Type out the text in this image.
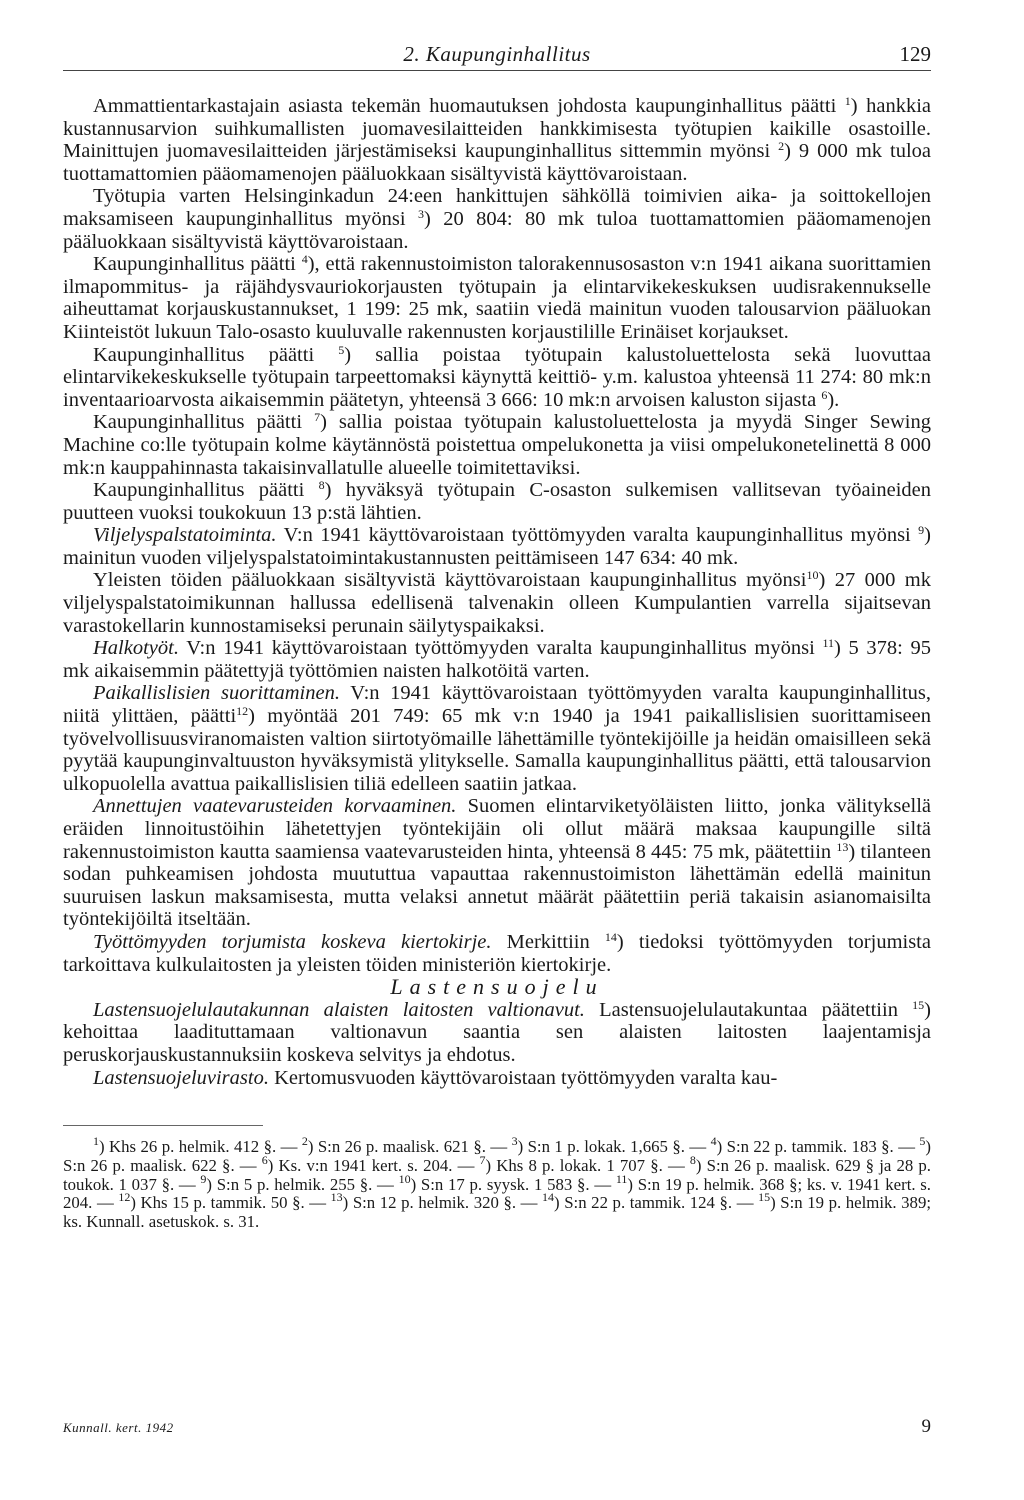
2. Kaupunginhallitus	129

Ammattientarkastajain asiasta tekemän huomautuksen johdosta kaupunginhallitus päätti $^1$) hankkia kustannusarvion suihkumallisten juomavesilaitteiden hankkimisesta työtupien kaikille osastoille. Mainittujen juomavesilaitteiden järjestämiseksi kaupunginhallitus sittemmin myönsi $^2$) 9 000 mk tuloa tuottamattomien pääomamenojen pääluokkaan sisältyvistä käyttövaroistaan.

Työtupia varten Helsinginkadun 24:een hankittujen sähköllä toimivien aika- ja soittokellojen maksamiseen kaupunginhallitus myönsi $^3$) 20 804: 80 mk tuloa tuottamattomien pääomamenojen pääluokkaan sisältyvistä käyttövaroistaan.

Kaupunginhallitus päätti $^4$), että rakennustoimiston talorakennusosaston v:n 1941 aikana suorittamien ilmapommitus- ja räjähdysvauriokorjausten työtupain ja elintarvikekeskuksen uudisrakennukselle aiheuttamat korjauskustannukset, 1 199: 25 mk, saatiin viedä mainitun vuoden talousarvion pääluokan Kiinteistöt lukuun Talo-osasto kuuluvalle rakennusten korjaustilille Erinäiset korjaukset.

Kaupunginhallitus päätti $^5$) sallia poistaa työtupain kalustoluettelosta sekä luovuttaa elintarvikekeskukselle työtupain tarpeettomaksi käynyttä keittiö- y.m. kalustoa yhteensä 11 274: 80 mk:n inventaarioarvosta aikaisemmin päätetyn, yhteensä 3 666: 10 mk:n arvoisen kaluston sijasta $^6$).

Kaupunginhallitus päätti $^7$) sallia poistaa työtupain kalustoluettelosta ja myydä Singer Sewing Machine co:lle työtupain kolme käytännöstä poistettua ompelukonetta ja viisi ompelukonetelinettä 8 000 mk:n kauppahinnasta takaisinvallatulle alueelle toimitettaviksi.

Kaupunginhallitus päätti $^8$) hyväksyä työtupain C-osaston sulkemisen vallitsevan työaineiden puutteen vuoksi toukokuun 13 p:stä lähtien.

Viljelyspalstatoiminta. V:n 1941 käyttövaroistaan työttömyyden varalta kaupunginhallitus myönsi $^9$) mainitun vuoden viljelyspalstatoimintakustannusten peittämiseen 147 634: 40 mk.

Yleisten töiden pääluokkaan sisältyvistä käyttövaroistaan kaupunginhallitus myönsi$^{10}$) 27 000 mk viljelyspalstatoimikunnan hallussa edellisenä talvenakin olleen Kumpulantien varrella sijaitsevan varastokellarin kunnostamiseksi perunain säilytyspaikaksi.

Halkotyöt. V:n 1941 käyttövaroistaan työttömyyden varalta kaupunginhallitus myönsi $^{11}$) 5 378: 95 mk aikaisemmin päätettyjä työttömien naisten halkotöitä varten.

Paikallislisien suorittaminen. V:n 1941 käyttövaroistaan työttömyyden varalta kaupunginhallitus, niitä ylittäen, päätti$^{12}$) myöntää 201 749: 65 mk v:n 1940 ja 1941 paikallislisien suorittamiseen työvelvollisuusviranomaisten valtion siirtotyömaille lähettämille työntekijöille ja heidän omaisilleen sekä pyytää kaupunginvaltuuston hyväksymistä ylitykselle. Samalla kaupunginhallitus päätti, että talousarvion ulkopuolella avattua paikallislisien tiliä edelleen saatiin jatkaa.

Annettujen vaatevarusteiden korvaaminen. Suomen elintarviketyöläisten liitto, jonka välityksellä eräiden linnoitustöihin lähetettyjen työntekijäin oli ollut määrä maksaa kaupungille siltä rakennustoimiston kautta saamiensa vaatevarusteiden hinta, yhteensä 8 445: 75 mk, päätettiin $^{13}$) tilanteen sodan puhkeamisen johdosta muututtua vapauttaa rakennustoimiston lähettämän edellä mainitun suuruisen laskun maksamisesta, mutta velaksi annetut määrät päätettiin periä takaisin asianomaisilta työntekijöiltä itseltään.

Työttömyyden torjumista koskeva kiertokirje. Merkittiin $^{14}$) tiedoksi työttömyyden torjumista tarkoittava kulkulaitosten ja yleisten töiden ministeriön kiertokirje.

Lastensuojelu

Lastensuojelulautakunnan alaisten laitosten valtionavut. Lastensuojelulautakuntaa päätettiin $^{15}$) kehoittaa laadituttamaan valtionavun saantia sen alaisten laitosten laajentamisja peruskorjauskustannuksiin koskeva selvitys ja ehdotus.

Lastensuojeluvirasto. Kertomusvuoden käyttövaroistaan työttömyyden varalta kau-

$^1$) Khs 26 p. helmik. 412 §. — $^2$) S:n 26 p. maalisk. 621 §. — $^3$) S:n 1 p. lokak. 1,665 §. — $^4$) S:n 22 p. tammik. 183 §. — $^5$) S:n 26 p. maalisk. 622 §. — $^6$) Ks. v:n 1941 kert. s. 204. — $^7$) Khs 8 p. lokak. 1 707 §. — $^8$) S:n 26 p. maalisk. 629 § ja 28 p. toukok. 1 037 §. — $^9$) S:n 5 p. helmik. 255 §. — $^{10}$) S:n 17 p. syysk. 1 583 §. — $^{11}$) S:n 19 p. helmik. 368 §; ks. v. 1941 kert. s. 204. — $^{12}$) Khs 15 p. tammik. 50 §. — $^{13}$) S:n 12 p. helmik. 320 §. — $^{14}$) S:n 22 p. tammik. 124 §. — $^{15}$) S:n 19 p. helmik. 389; ks. Kunnall. asetuskok. s. 31.

Kunnall. kert. 1942	9
